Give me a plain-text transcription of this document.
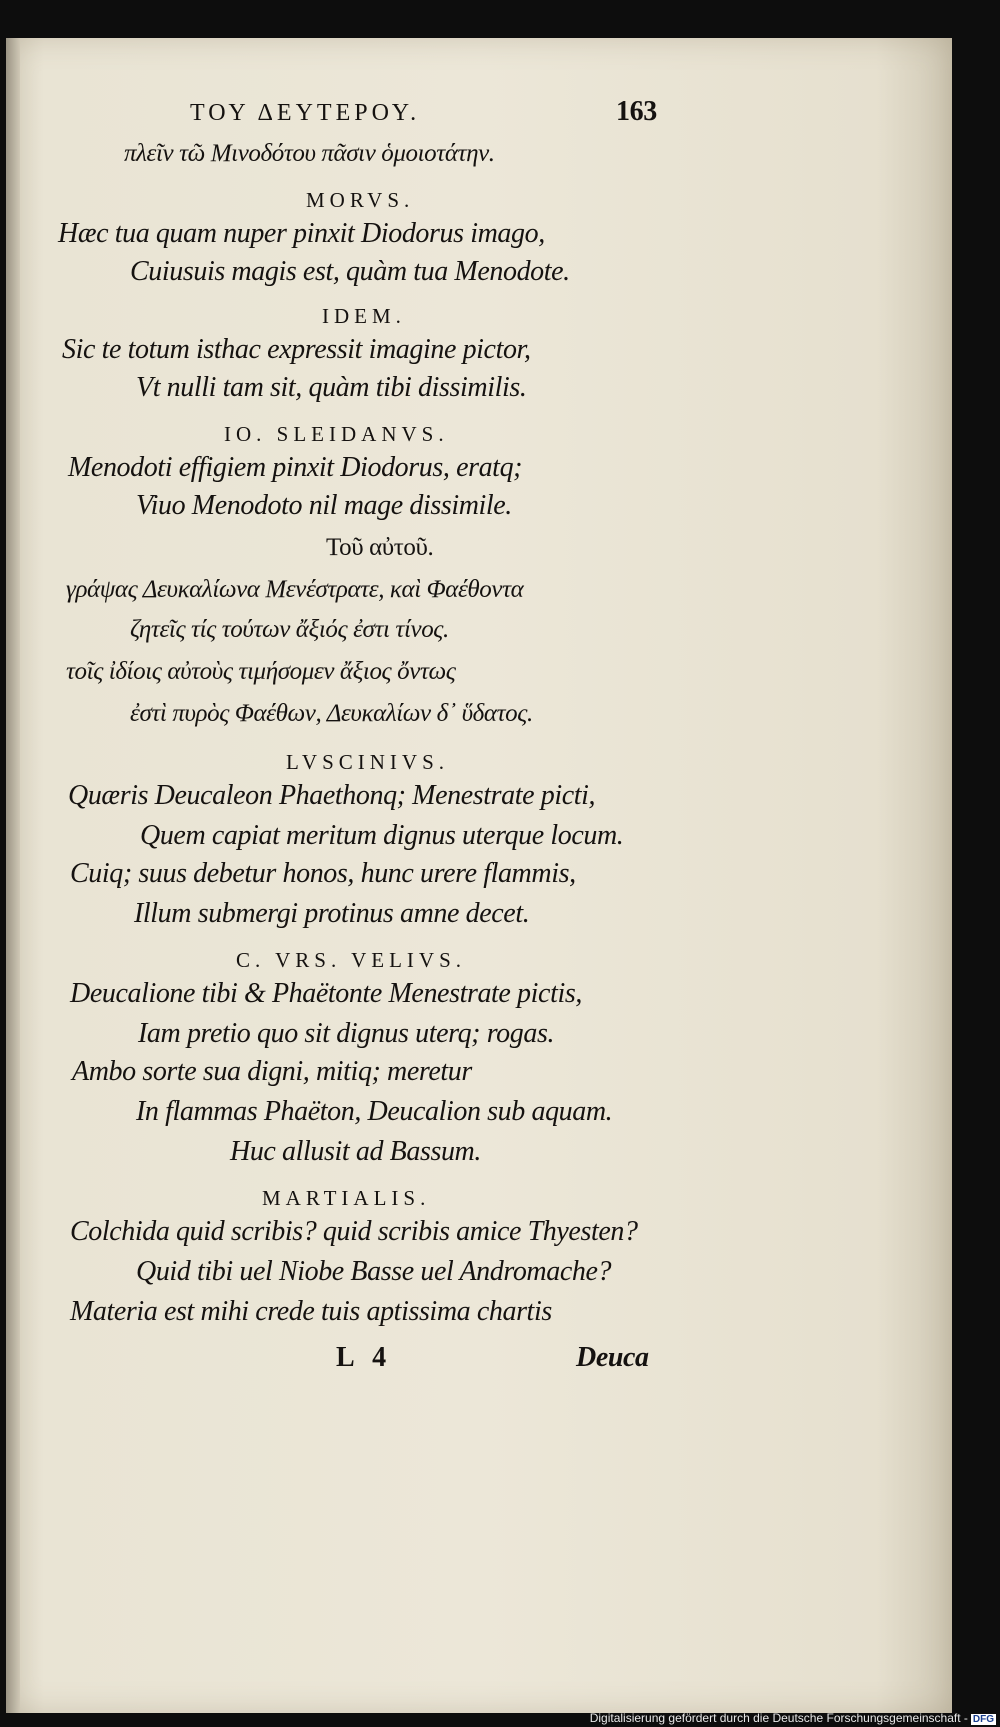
ΤΟΥ ΔΕΥΤΕΡΟΥ.	163
πλεῖν τῶ Μινοδότου πᾶσιν ὁμοιοτάτην.
MORVS.
Hæc tua quam nuper pinxit Diodorus imago,
Cuiusuis magis est, quàm tua Menodote.
IDEM.
Sic te totum isthac expressit imagine pictor,
Vt nulli tam sit, quàm tibi dissimilis.
IO. SLEIDANVS.
Menodoti effigiem pinxit Diodorus, eratq;
Viuo Menodoto nil mage dissimile.
Τοῦ αὐτοῦ.
γράψας Δευκαλίωνα Μενέστρατε, καὶ Φαέθοντα
ζητεῖς τίς τούτων ἄξιός ἐστι τίνος.
τοῖς ἰδίοις αὐτοὺς τιμήσομεν ἄξιος ὄντως
ἐστὶ πυρὸς Φαέθων, Δευκαλίων δ᾽ ὕδατος.
LVSCINIVS.
Quæris Deucaleon Phaethonq; Menestrate picti,
Quem capiat meritum dignus uterque locum.
Cuiq; suus debetur honos, hunc urere flammis,
Illum submergi protinus amne decet.
C. VRS. VELIVS.
Deucalione tibi & Phaëtonte Menestrate pictis,
Iam pretio quo sit dignus uterq; rogas.
Ambo sorte sua digni, mitiq; meretur
In flammas Phaëton, Deucalion sub aquam.
Huc allusit ad Bassum.
MARTIALIS.
Colchida quid scribis? quid scribis amice Thyesten?
Quid tibi uel Niobe Basse uel Andromache?
Materia est mihi crede tuis aptissima chartis
L 4	Deuca
Digitalisierung gefördert durch die Deutsche Forschungsgemeinschaft - DFG
